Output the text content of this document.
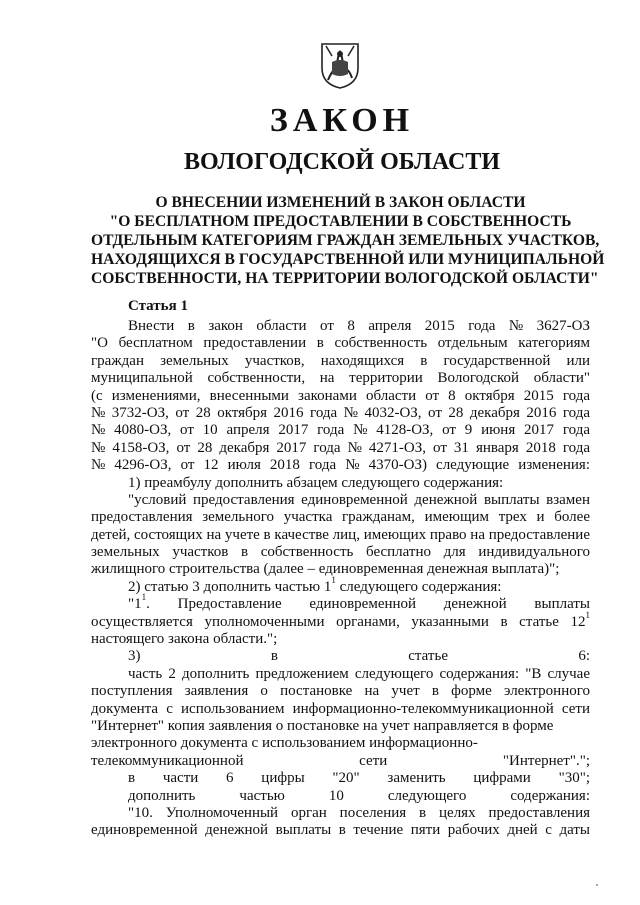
ЗАКОН
ВОЛОГОДСКОЙ ОБЛАСТИ
О ВНЕСЕНИИ ИЗМЕНЕНИЙ В ЗАКОН ОБЛАСТИ
"О БЕСПЛАТНОМ ПРЕДОСТАВЛЕНИИ В СОБСТВЕННОСТЬ
ОТДЕЛЬНЫМ КАТЕГОРИЯМ ГРАЖДАН ЗЕМЕЛЬНЫХ УЧАСТКОВ,
НАХОДЯЩИХСЯ В ГОСУДАРСТВЕННОЙ ИЛИ МУНИЦИПАЛЬНОЙ
СОБСТВЕННОСТИ, НА ТЕРРИТОРИИ ВОЛОГОДСКОЙ ОБЛАСТИ"
Статья 1
Внести в закон области от 8 апреля 2015 года № 3627-ОЗ
"О бесплатном предоставлении в собственность отдельным категориям
граждан земельных участков, находящихся в государственной или
муниципальной собственности, на территории Вологодской области"
(с изменениями, внесенными законами области от 8 октября 2015 года
№ 3732-ОЗ, от 28 октября 2016 года № 4032-ОЗ, от 28 декабря 2016 года
№ 4080-ОЗ, от 10 апреля 2017 года № 4128-ОЗ, от 9 июня 2017 года
№ 4158-ОЗ, от 28 декабря 2017 года № 4271-ОЗ, от 31 января 2018 года
№ 4296-ОЗ, от 12 июля 2018 года № 4370-ОЗ) следующие изменения:
1) преамбулу дополнить абзацем следующего содержания:
"условий предоставления единовременной денежной выплаты взамен
предоставления земельного участка гражданам, имеющим трех и более
детей, состоящих на учете в качестве лиц, имеющих право на предоставление
земельных участков в собственность бесплатно для индивидуального
жилищного строительства (далее – единовременная денежная выплата)";
2) статью 3 дополнить частью $1^1$ следующего содержания:
"$1^1$. Предоставление единовременной денежной выплаты
осуществляется уполномоченными органами, указанными в статье $12^1$
настоящего закона области.";
3) в статье 6:
часть 2 дополнить предложением следующего содержания: "В случае
поступления заявления о постановке на учет в форме электронного
документа с использованием информационно-телекоммуникационной сети
"Интернет" копия заявления о постановке на учет направляется в форме
электронного документа с использованием информационно-
телекоммуникационной сети "Интернет".";
в части 6 цифры "20" заменить цифрами "30";
дополнить частью 10 следующего содержания:
"10. Уполномоченный орган поселения в целях предоставления
единовременной денежной выплаты в течение пяти рабочих дней с даты
